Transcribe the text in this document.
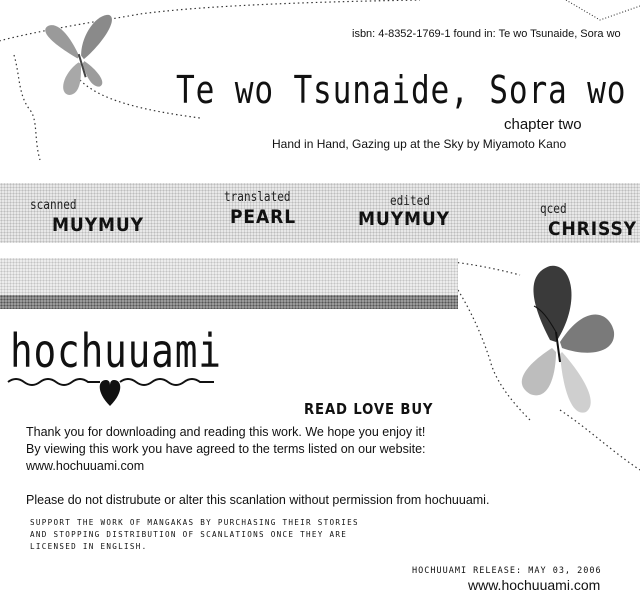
isbn: 4-8352-1769-1 found in: Te wo Tsunaide, Sora wo
Te wo Tsunaide, Sora wo
chapter two
Hand in Hand, Gazing up at the Sky by Miyamoto Kano
scanned
MUYMUY
translated
PEARL
edited
MUYMUY	qced
CHRISSY
hochuuami
READ LOVE BUY
Thank you for downloading and reading this work. We hope you enjoy it!
By viewing this work you have agreed to the terms listed on our website:
www.hochuuami.com
Please do not distrubute or alter this scanlation without permission from hochuuami.
SUPPORT THE WORK OF MANGAKAS BY PURCHASING THEIR STORIES
AND STOPPING DISTRIBUTION OF SCANLATIONS ONCE THEY ARE
LICENSED IN ENGLISH.
HOCHUUAMI RELEASE: MAY 03, 2006
www.hochuuami.com
